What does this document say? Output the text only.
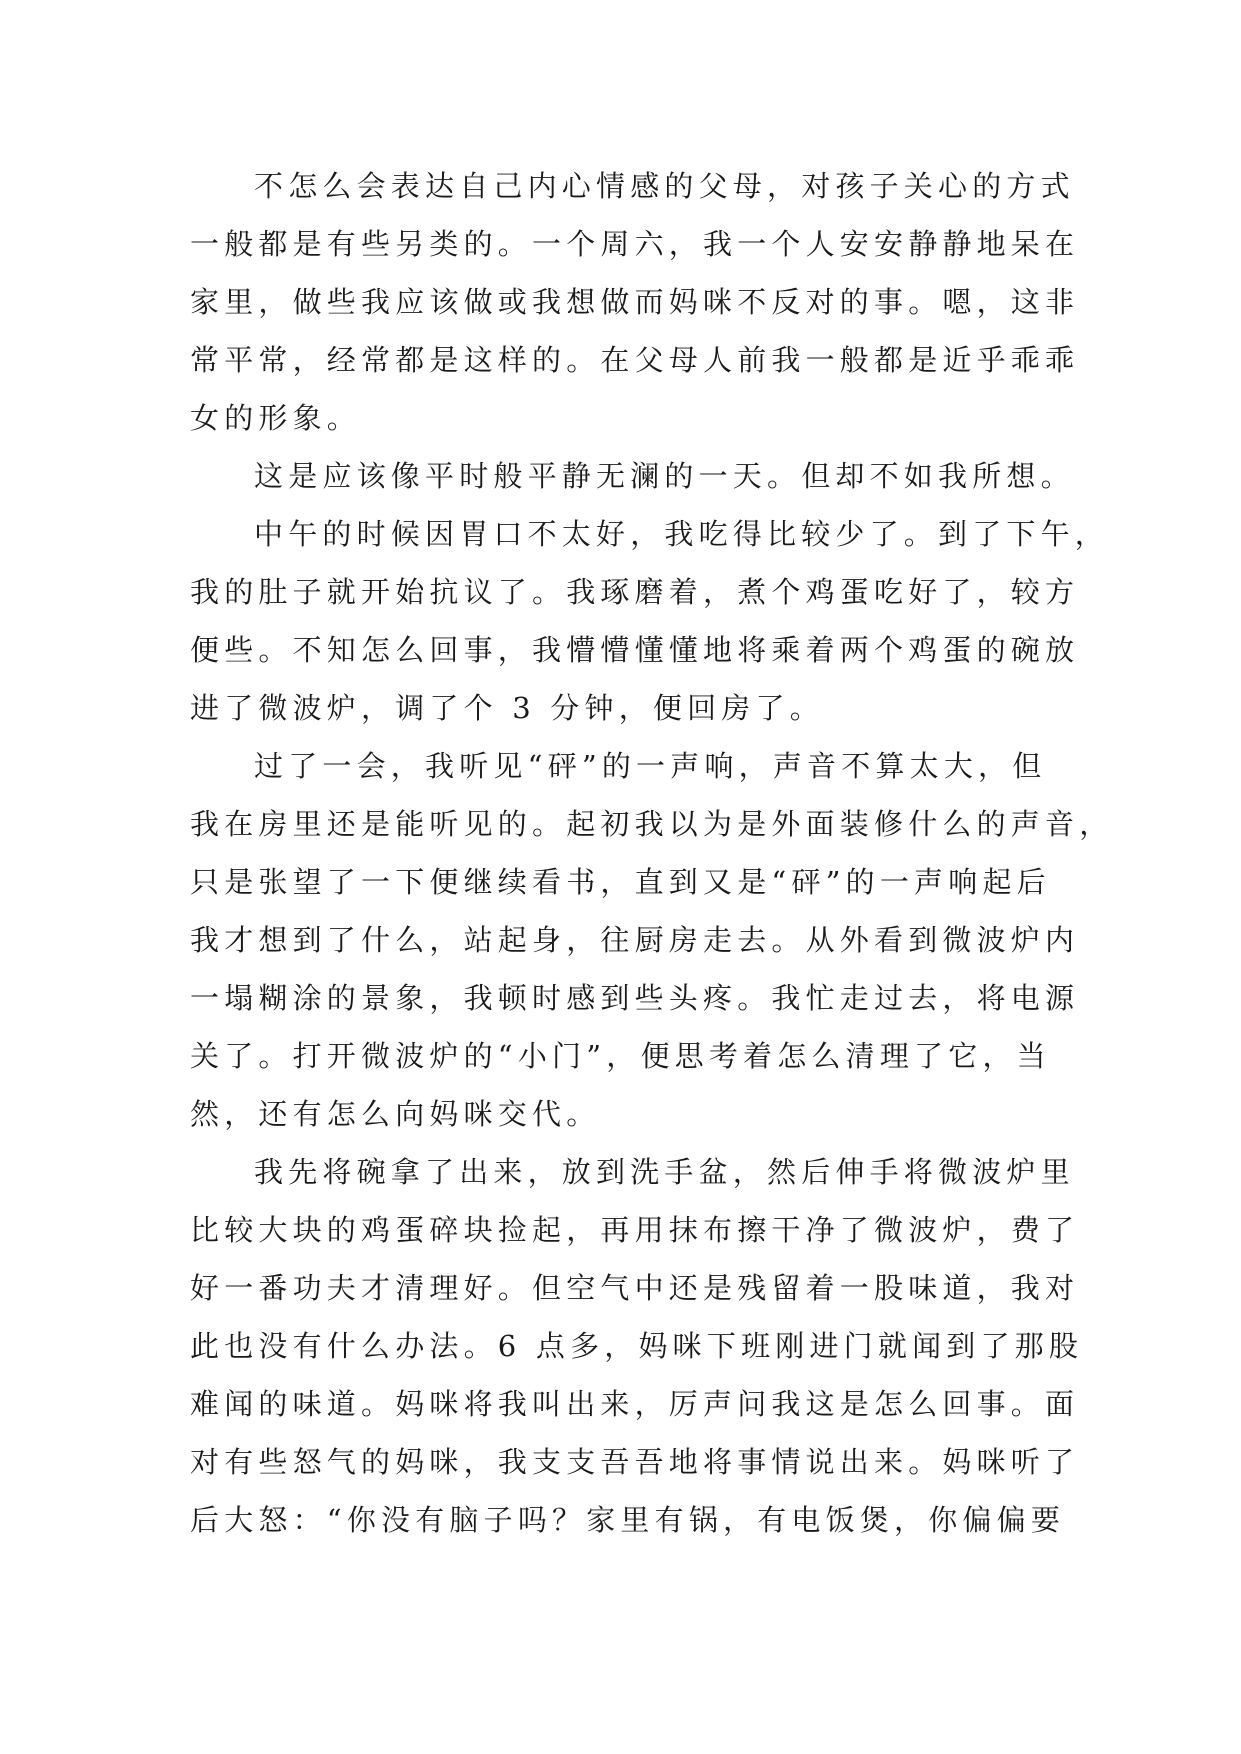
不怎么会表达自己内心情感的父母，对孩子关心的方式
一般都是有些另类的。一个周六，我一个人安安静静地呆在
家里，做些我应该做或我想做而妈咪不反对的事。嗯，这非
常平常，经常都是这样的。在父母人前我一般都是近乎乖乖
女的形象。
这是应该像平时般平静无澜的一天。但却不如我所想。
中午的时候因胃口不太好，我吃得比较少了。到了下午，
我的肚子就开始抗议了。我琢磨着，煮个鸡蛋吃好了，较方
便些。不知怎么回事，我懵懵懂懂地将乘着两个鸡蛋的碗放
进了微波炉，调了个 3 分钟，便回房了。
过了一会，我听见“砰”的一声响，声音不算太大，但
我在房里还是能听见的。起初我以为是外面装修什么的声音，
只是张望了一下便继续看书，直到又是“砰”的一声响起后
我才想到了什么，站起身，往厨房走去。从外看到微波炉内
一塌糊涂的景象，我顿时感到些头疼。我忙走过去，将电源
关了。打开微波炉的“小门”，便思考着怎么清理了它，当
然，还有怎么向妈咪交代。
我先将碗拿了出来，放到洗手盆，然后伸手将微波炉里
比较大块的鸡蛋碎块捡起，再用抹布擦干净了微波炉，费了
好一番功夫才清理好。但空气中还是残留着一股味道，我对
此也没有什么办法。6 点多，妈咪下班刚进门就闻到了那股
难闻的味道。妈咪将我叫出来，厉声问我这是怎么回事。面
对有些怒气的妈咪，我支支吾吾地将事情说出来。妈咪听了
后大怒：“你没有脑子吗？家里有锅，有电饭煲，你偏偏要
